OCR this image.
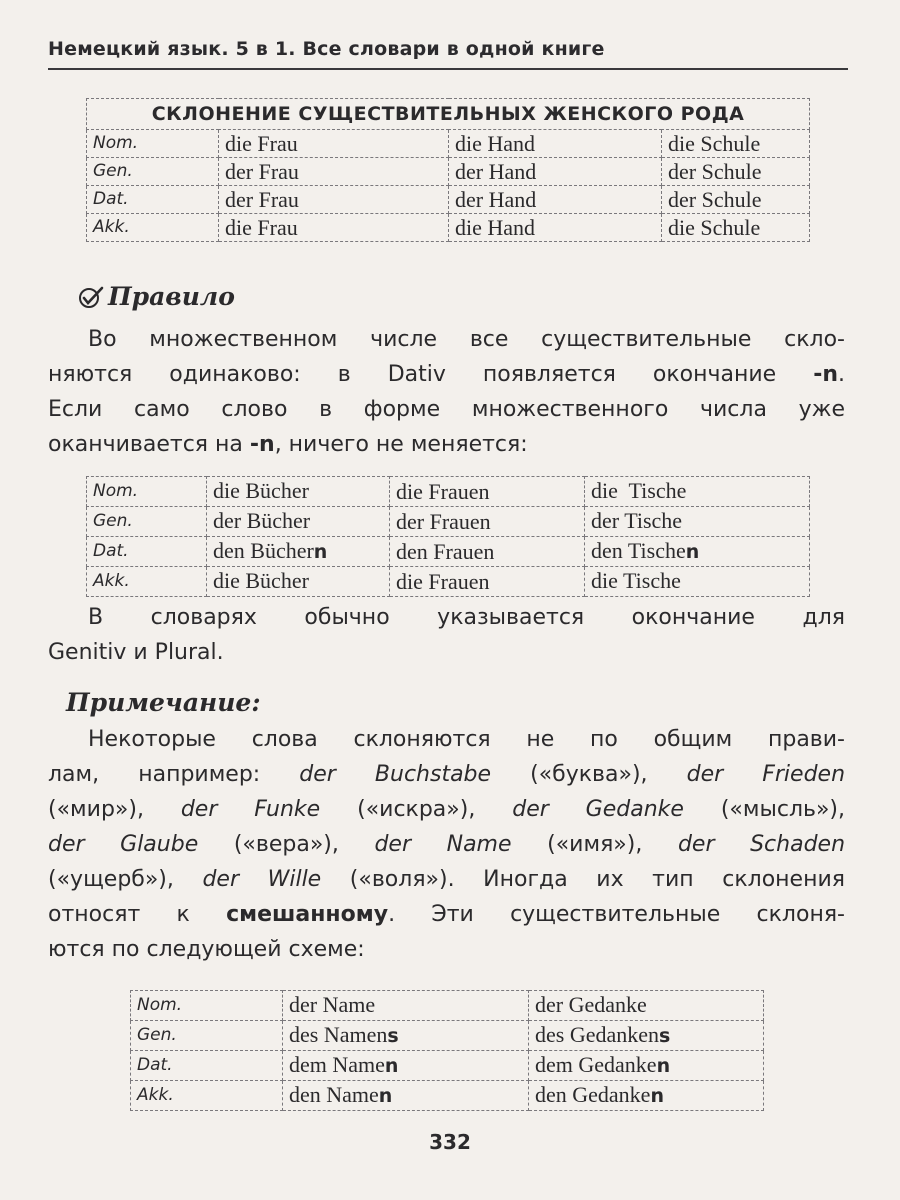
Немецкий язык. 5 в 1. Все словари в одной книге
СКЛОНЕНИЕ СУЩЕСТВИТЕЛЬНЫХ ЖЕНСКОГО РОДА			
Nom.	die Frau	die Hand	die Schule
Gen.	der Frau	der Hand	der Schule
Dat.	der Frau	der Hand	der Schule
Akk.	die Frau	die Hand	die Schule
Правило
Во множественном числе все существительные скло-
няются одинаково: в Dativ появляется окончание -n.
Если само слово в форме множественного числа уже
оканчивается на -n, ничего не меняется:
Nom.	die Bücher	die Frauen	die  Tische
Gen.	der Bücher	der Frauen	der Tische
Dat.	den Büchern	den Frauen	den Tischen
Akk.	die Bücher	die Frauen	die Tische
В словарях обычно указывается окончание для
Genitiv и Plural.
Примечание:
Некоторые слова склоняются не по общим прави-
лам, например: der Buchstabe («буква»), der Frieden
(«мир»), der Funke («искра»), der Gedanke («мысль»),
der Glaube («вера»), der Name («имя»), der Schaden
(«ущерб»), der Wille («воля»). Иногда их тип склонения
относят к смешанному. Эти существительные склоня-
ются по следующей схеме:
Nom.	der Name	der Gedanke
Gen.	des Namens	des Gedankens
Dat.	dem Namen	dem Gedanken
Akk.	den Namen	den Gedanken
332
